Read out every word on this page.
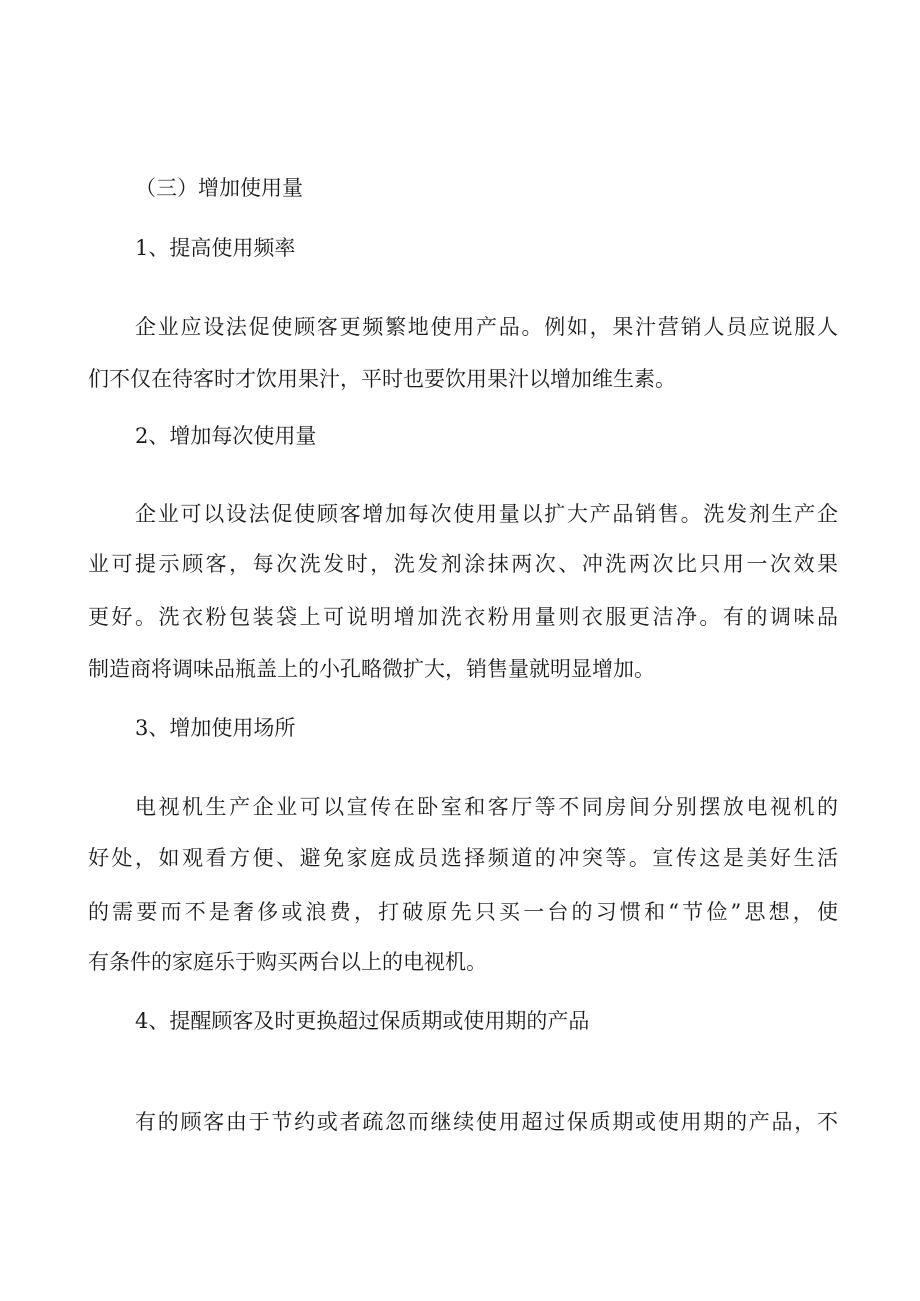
（三）增加使用量
1、提高使用频率
企业应设法促使顾客更频繁地使用产品。例如，果汁营销人员应说服人
们不仅在待客时才饮用果汁，平时也要饮用果汁以增加维生素。
2、增加每次使用量
企业可以设法促使顾客增加每次使用量以扩大产品销售。洗发剂生产企
业可提示顾客，每次洗发时，洗发剂涂抹两次、冲洗两次比只用一次效果
更好。洗衣粉包装袋上可说明增加洗衣粉用量则衣服更洁净。有的调味品
制造商将调味品瓶盖上的小孔略微扩大，销售量就明显增加。
3、增加使用场所
电视机生产企业可以宣传在卧室和客厅等不同房间分别摆放电视机的
好处，如观看方便、避免家庭成员选择频道的冲突等。宣传这是美好生活
的需要而不是奢侈或浪费，打破原先只买一台的习惯和“节俭”思想，使
有条件的家庭乐于购买两台以上的电视机。
4、提醒顾客及时更换超过保质期或使用期的产品
有的顾客由于节约或者疏忽而继续使用超过保质期或使用期的产品，不
